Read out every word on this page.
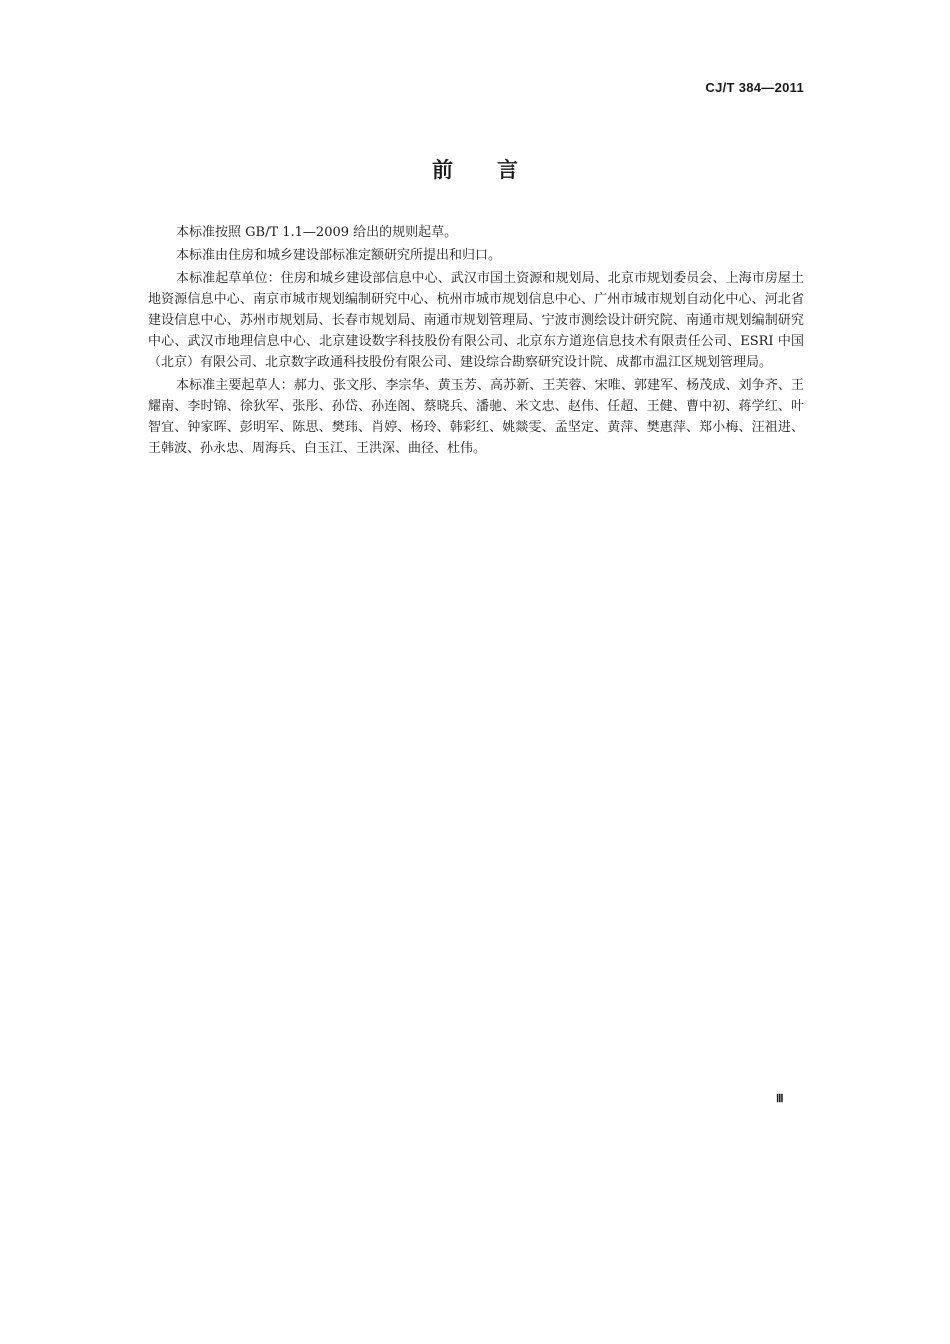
CJ/T 384—2011
前言

本标准按照 GB/T 1.1—2009 给出的规则起草。

本标准由住房和城乡建设部标准定额研究所提出和归口。

本标准起草单位：住房和城乡建设部信息中心、武汉市国土资源和规划局、北京市规划委员会、上海市房屋土地资源信息中心、南京市城市规划编制研究中心、杭州市城市规划信息中心、广州市城市规划自动化中心、河北省建设信息中心、苏州市规划局、长春市规划局、南通市规划管理局、宁波市测绘设计研究院、南通市规划编制研究中心、武汉市地理信息中心、北京建设数字科技股份有限公司、北京东方道迩信息技术有限责任公司、ESRI 中国（北京）有限公司、北京数字政通科技股份有限公司、建设综合勘察研究设计院、成都市温江区规划管理局。

本标准主要起草人：郝力、张文彤、李宗华、黄玉芳、高苏新、王芙蓉、宋唯、郭建军、杨茂成、刘争齐、王耀南、李时锦、徐狄军、张彤、孙岱、孙连阁、蔡晓兵、潘驰、米文忠、赵伟、任超、王健、曹中初、蒋学红、叶智宜、钟家晖、彭明军、陈思、樊玮、肖婷、杨玲、韩彩红、姚燚雯、孟坚定、黄萍、樊惠萍、郑小梅、汪祖进、王韩波、孙永忠、周海兵、白玉江、王洪深、曲径、杜伟。

Ⅲ
